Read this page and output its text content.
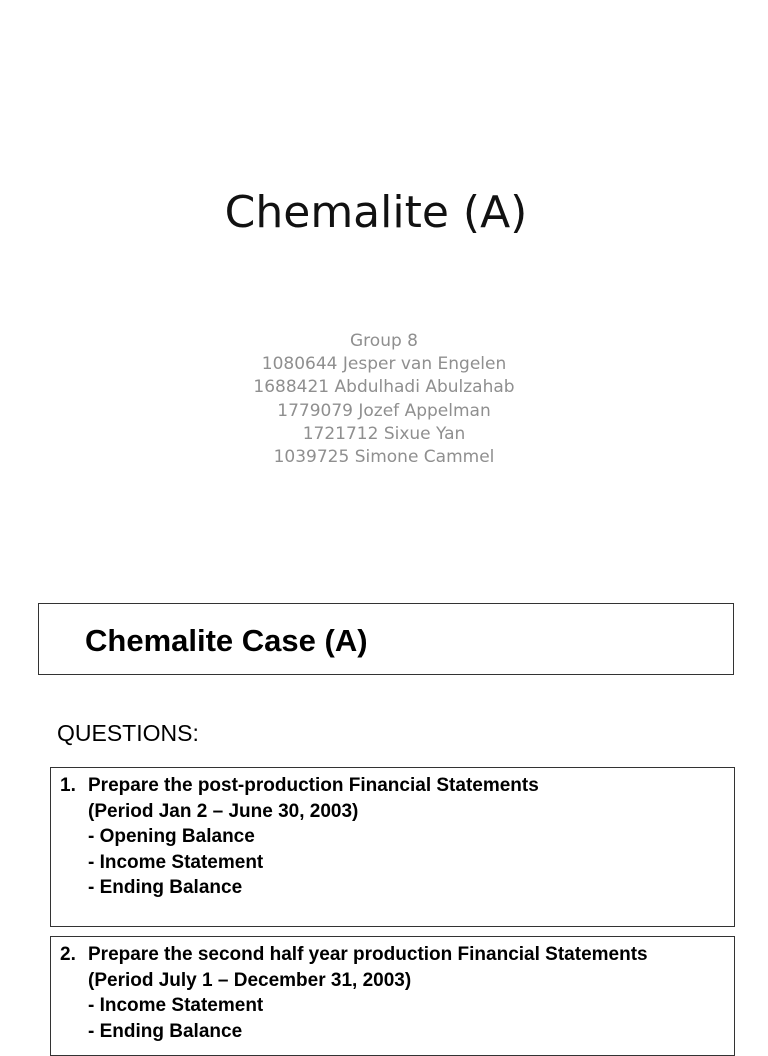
Chemalite (A)
Group 8
1080644 Jesper van Engelen
1688421 Abdulhadi Abulzahab
1779079 Jozef Appelman
1721712 Sixue Yan
1039725 Simone Cammel
Chemalite Case (A)
QUESTIONS:
1. Prepare the post-production Financial Statements
(Period Jan 2 – June 30, 2003)
- Opening Balance
- Income Statement
- Ending Balance
2. Prepare the second half year production Financial Statements
(Period July 1 – December 31, 2003)
- Income Statement
- Ending Balance
